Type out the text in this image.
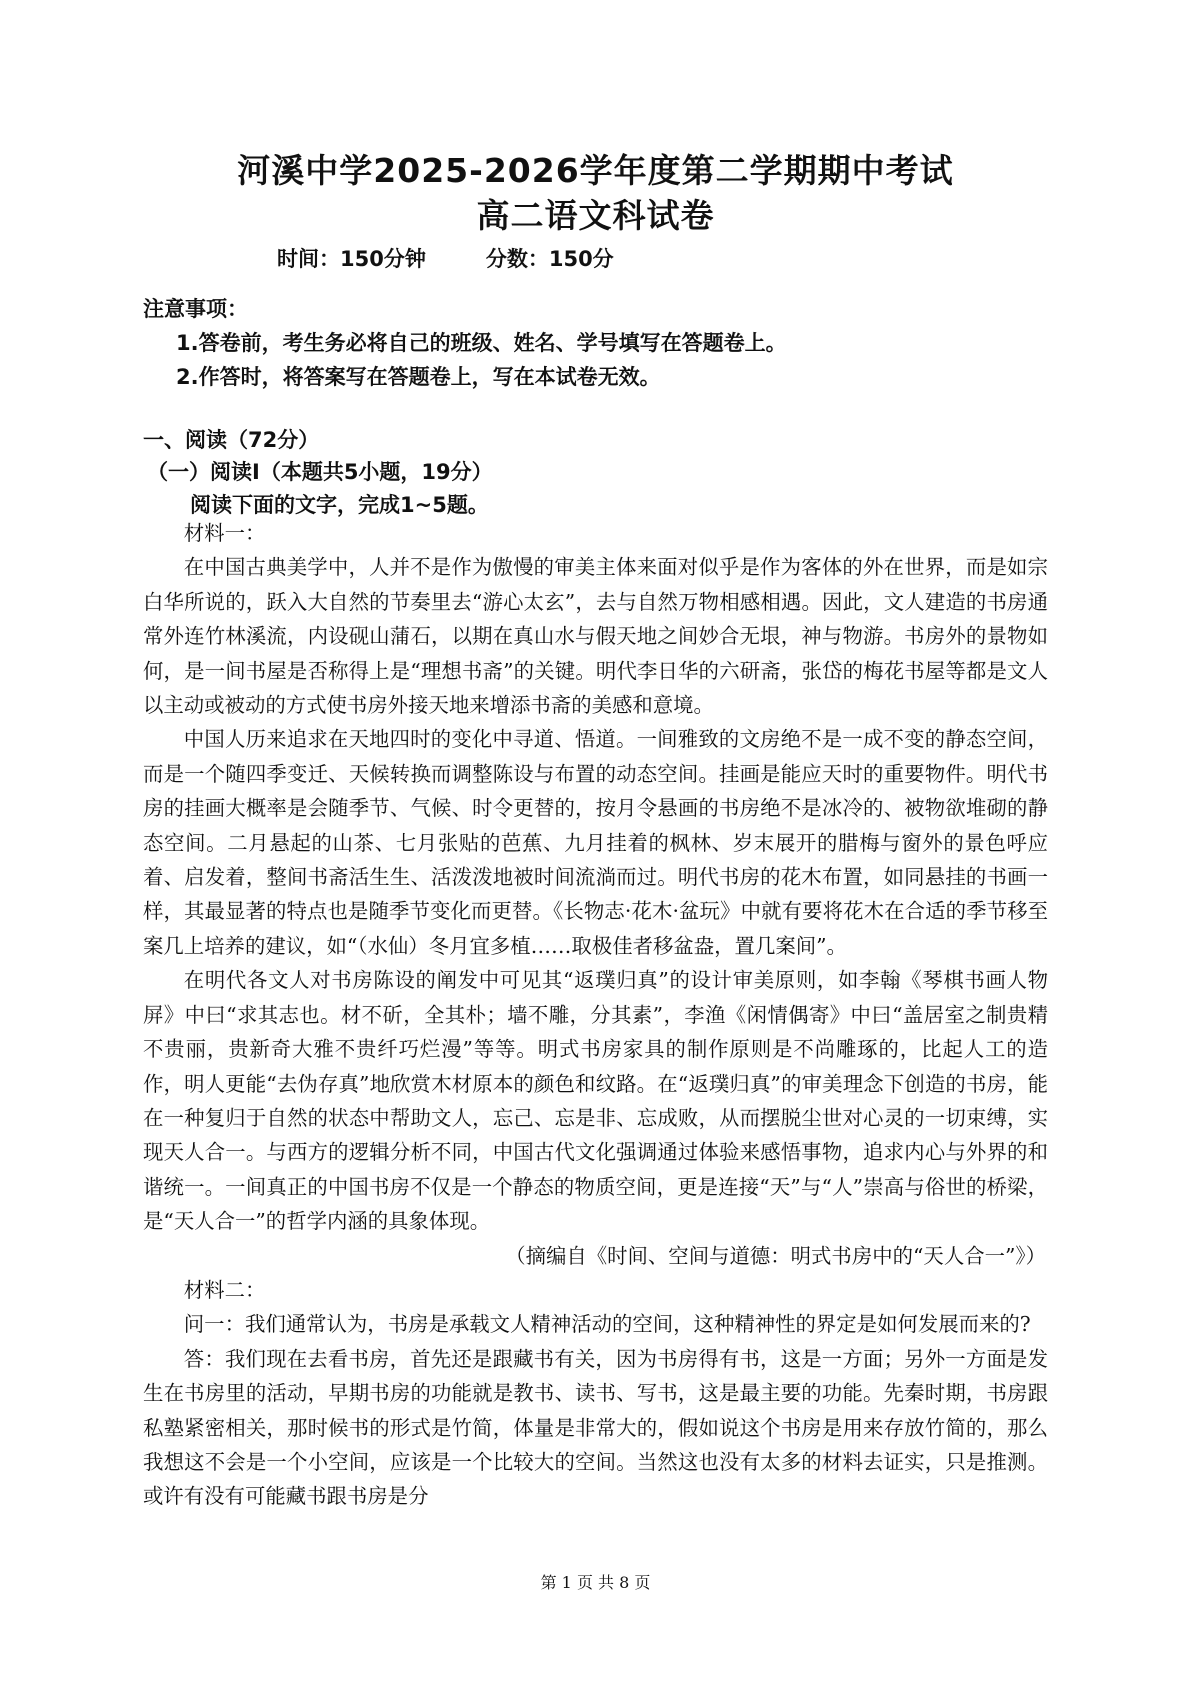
河溪中学2025-2026学年度第二学期期中考试
高二语文科试卷
时间：150分钟	分数：150分
注意事项：
1.答卷前，考生务必将自己的班级、姓名、学号填写在答题卷上。
2.作答时，将答案写在答题卷上，写在本试卷无效。
一、阅读（72分）
（一）阅读Ⅰ（本题共5小题，19分）
阅读下面的文字，完成1~5题。

材料一：

在中国古典美学中，人并不是作为傲慢的审美主体来面对似乎是作为客体的外在世界，而是如宗白华所说的，跃入大自然的节奏里去“游心太玄”，去与自然万物相感相遇。因此，文人建造的书房通常外连竹林溪流，内设砚山蒲石，以期在真山水与假天地之间妙合无垠，神与物游。书房外的景物如何，是一间书屋是否称得上是“理想书斋”的关键。明代李日华的六研斋，张岱的梅花书屋等都是文人以主动或被动的方式使书房外接天地来增添书斋的美感和意境。

中国人历来追求在天地四时的变化中寻道、悟道。一间雅致的文房绝不是一成不变的静态空间，而是一个随四季变迁、天候转换而调整陈设与布置的动态空间。挂画是能应天时的重要物件。明代书房的挂画大概率是会随季节、气候、时令更替的，按月令悬画的书房绝不是冰冷的、被物欲堆砌的静态空间。二月悬起的山茶、七月张贴的芭蕉、九月挂着的枫林、岁末展开的腊梅与窗外的景色呼应着、启发着，整间书斋活生生、活泼泼地被时间流淌而过。明代书房的花木布置，如同悬挂的书画一样，其最显著的特点也是随季节变化而更替。《长物志·花木·盆玩》中就有要将花木在合适的季节移至案几上培养的建议，如“（水仙）冬月宜多植……取极佳者移盆盎，置几案间”。

在明代各文人对书房陈设的阐发中可见其“返璞归真”的设计审美原则，如李翰《琴棋书画人物屏》中曰“求其志也。材不斫，全其朴；墙不雕，分其素”，李渔《闲情偶寄》中曰“盖居室之制贵精不贵丽，贵新奇大雅不贵纤巧烂漫”等等。明式书房家具的制作原则是不尚雕琢的，比起人工的造作，明人更能“去伪存真”地欣赏木材原本的颜色和纹路。在“返璞归真”的审美理念下创造的书房，能在一种复归于自然的状态中帮助文人，忘己、忘是非、忘成败，从而摆脱尘世对心灵的一切束缚，实现天人合一。与西方的逻辑分析不同，中国古代文化强调通过体验来感悟事物，追求内心与外界的和谐统一。一间真正的中国书房不仅是一个静态的物质空间，更是连接“天”与“人”崇高与俗世的桥梁，是“天人合一”的哲学内涵的具象体现。

（摘编自《时间、空间与道德：明式书房中的“天人合一”》）

材料二：

问一：我们通常认为，书房是承载文人精神活动的空间，这种精神性的界定是如何发展而来的?

答：我们现在去看书房，首先还是跟藏书有关，因为书房得有书，这是一方面；另外一方面是发生在书房里的活动，早期书房的功能就是教书、读书、写书，这是最主要的功能。先秦时期，书房跟私塾紧密相关，那时候书的形式是竹简，体量是非常大的，假如说这个书房是用来存放竹简的，那么我想这不会是一个小空间，应该是一个比较大的空间。当然这也没有太多的材料去证实，只是推测。或许有没有可能藏书跟书房是分

第 1 页 共 8 页
